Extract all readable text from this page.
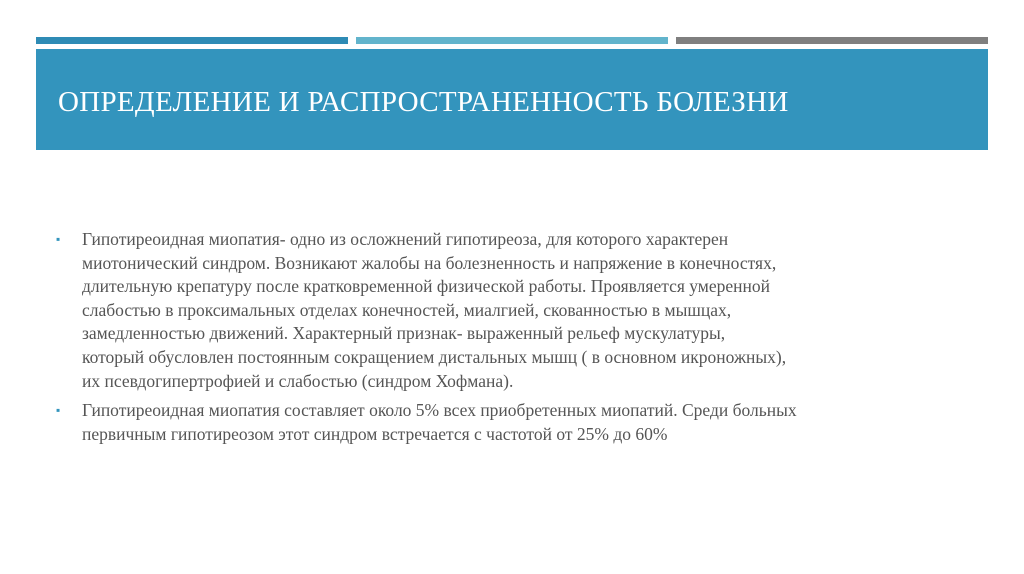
ОПРЕДЕЛЕНИЕ И РАСПРОСТРАНЕННОСТЬ БОЛЕЗНИ
▪ Гипотиреоидная миопатия- одно из осложнений гипотиреоза, для которого характерен
миотонический синдром. Возникают жалобы на болезненность и напряжение в конечностях,
длительную крепатуру после кратковременной физической работы. Проявляется умеренной
слабостью в проксимальных отделах конечностей, миалгией, скованностью в мышцах,
замедленностью движений. Характерный признак- выраженный рельеф мускулатуры,
который обусловлен постоянным сокращением дистальных мышц ( в основном икроножных),
их псевдогипертрофией и слабостью (синдром Хофмана).
▪ Гипотиреоидная миопатия составляет около 5% всех приобретенных миопатий. Среди больных
первичным гипотиреозом этот синдром встречается с частотой от 25% до 60%
